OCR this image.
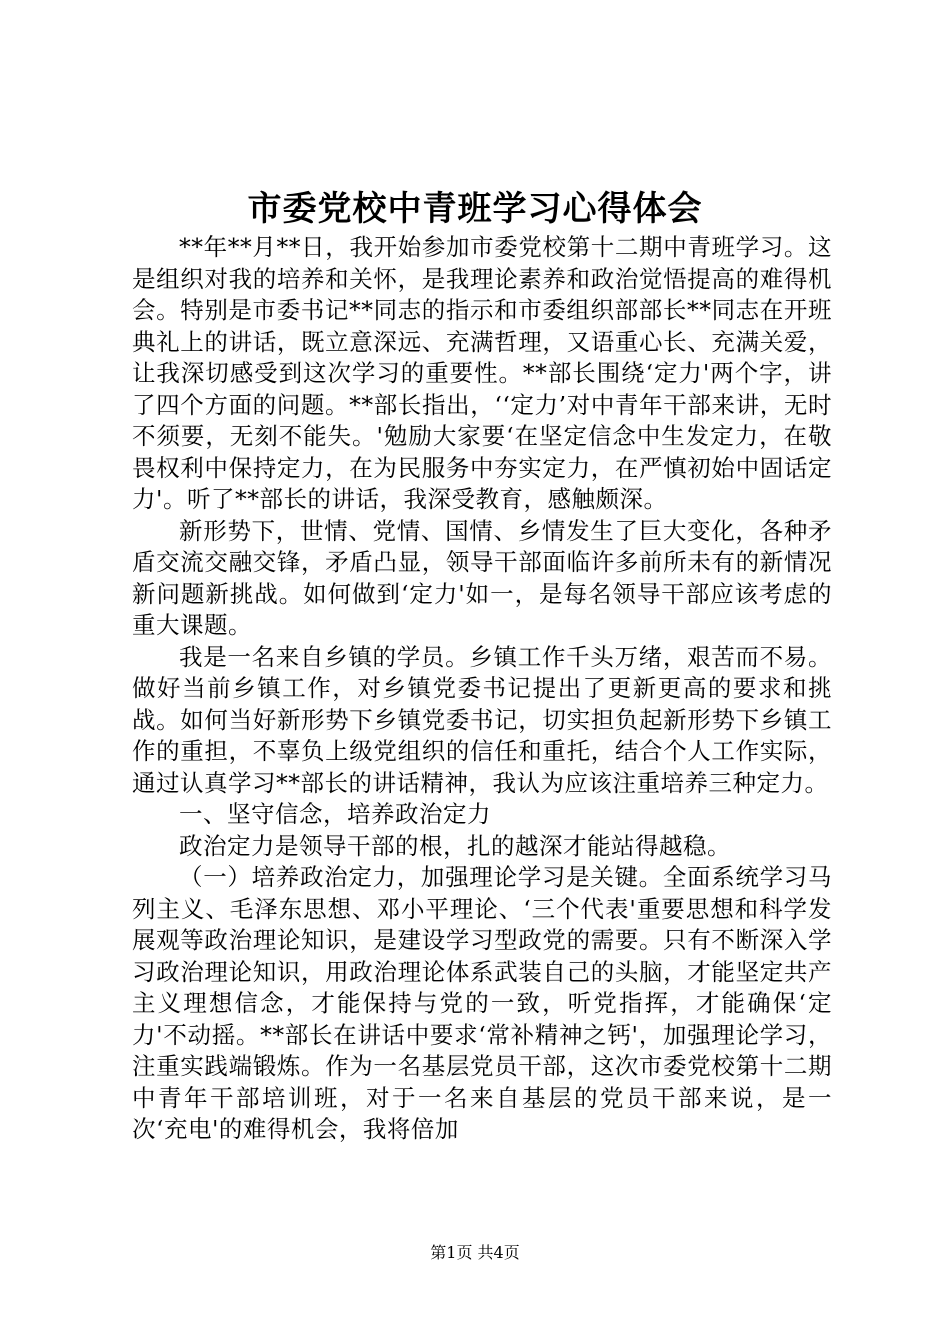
市委党校中青班学习心得体会

**年**月**日，我开始参加市委党校第十二期中青班学习。这是组织对我的培养和关怀，是我理论素养和政治觉悟提高的难得机会。特别是市委书记**同志的指示和市委组织部部长**同志在开班典礼上的讲话，既立意深远、充满哲理，又语重心长、充满关爱，让我深切感受到这次学习的重要性。**部长围绕‘定力'两个字，讲了四个方面的问题。**部长指出，‘‘定力’对中青年干部来讲，无时不须要，无刻不能失。'勉励大家要‘在坚定信念中生发定力，在敬畏权利中保持定力，在为民服务中夯实定力，在严慎初始中固话定力'。听了**部长的讲话，我深受教育，感触颇深。

新形势下，世情、党情、国情、乡情发生了巨大变化，各种矛盾交流交融交锋，矛盾凸显，领导干部面临许多前所未有的新情况新问题新挑战。如何做到‘定力'如一，是每名领导干部应该考虑的重大课题。

我是一名来自乡镇的学员。乡镇工作千头万绪，艰苦而不易。做好当前乡镇工作，对乡镇党委书记提出了更新更高的要求和挑战。如何当好新形势下乡镇党委书记，切实担负起新形势下乡镇工作的重担，不辜负上级党组织的信任和重托，结合个人工作实际，通过认真学习**部长的讲话精神，我认为应该注重培养三种定力。

一、坚守信念，培养政治定力

政治定力是领导干部的根，扎的越深才能站得越稳。

（一）培养政治定力，加强理论学习是关键。全面系统学习马列主义、毛泽东思想、邓小平理论、‘三个代表'重要思想和科学发展观等政治理论知识，是建设学习型政党的需要。只有不断深入学习政治理论知识，用政治理论体系武装自己的头脑，才能坚定共产主义理想信念，才能保持与党的一致，听党指挥，才能确保‘定力'不动摇。**部长在讲话中要求‘常补精神之钙'，加强理论学习，注重实践端锻炼。作为一名基层党员干部，这次市委党校第十二期中青年干部培训班，对于一名来自基层的党员干部来说，是一次‘充电'的难得机会，我将倍加

第1页 共4页
